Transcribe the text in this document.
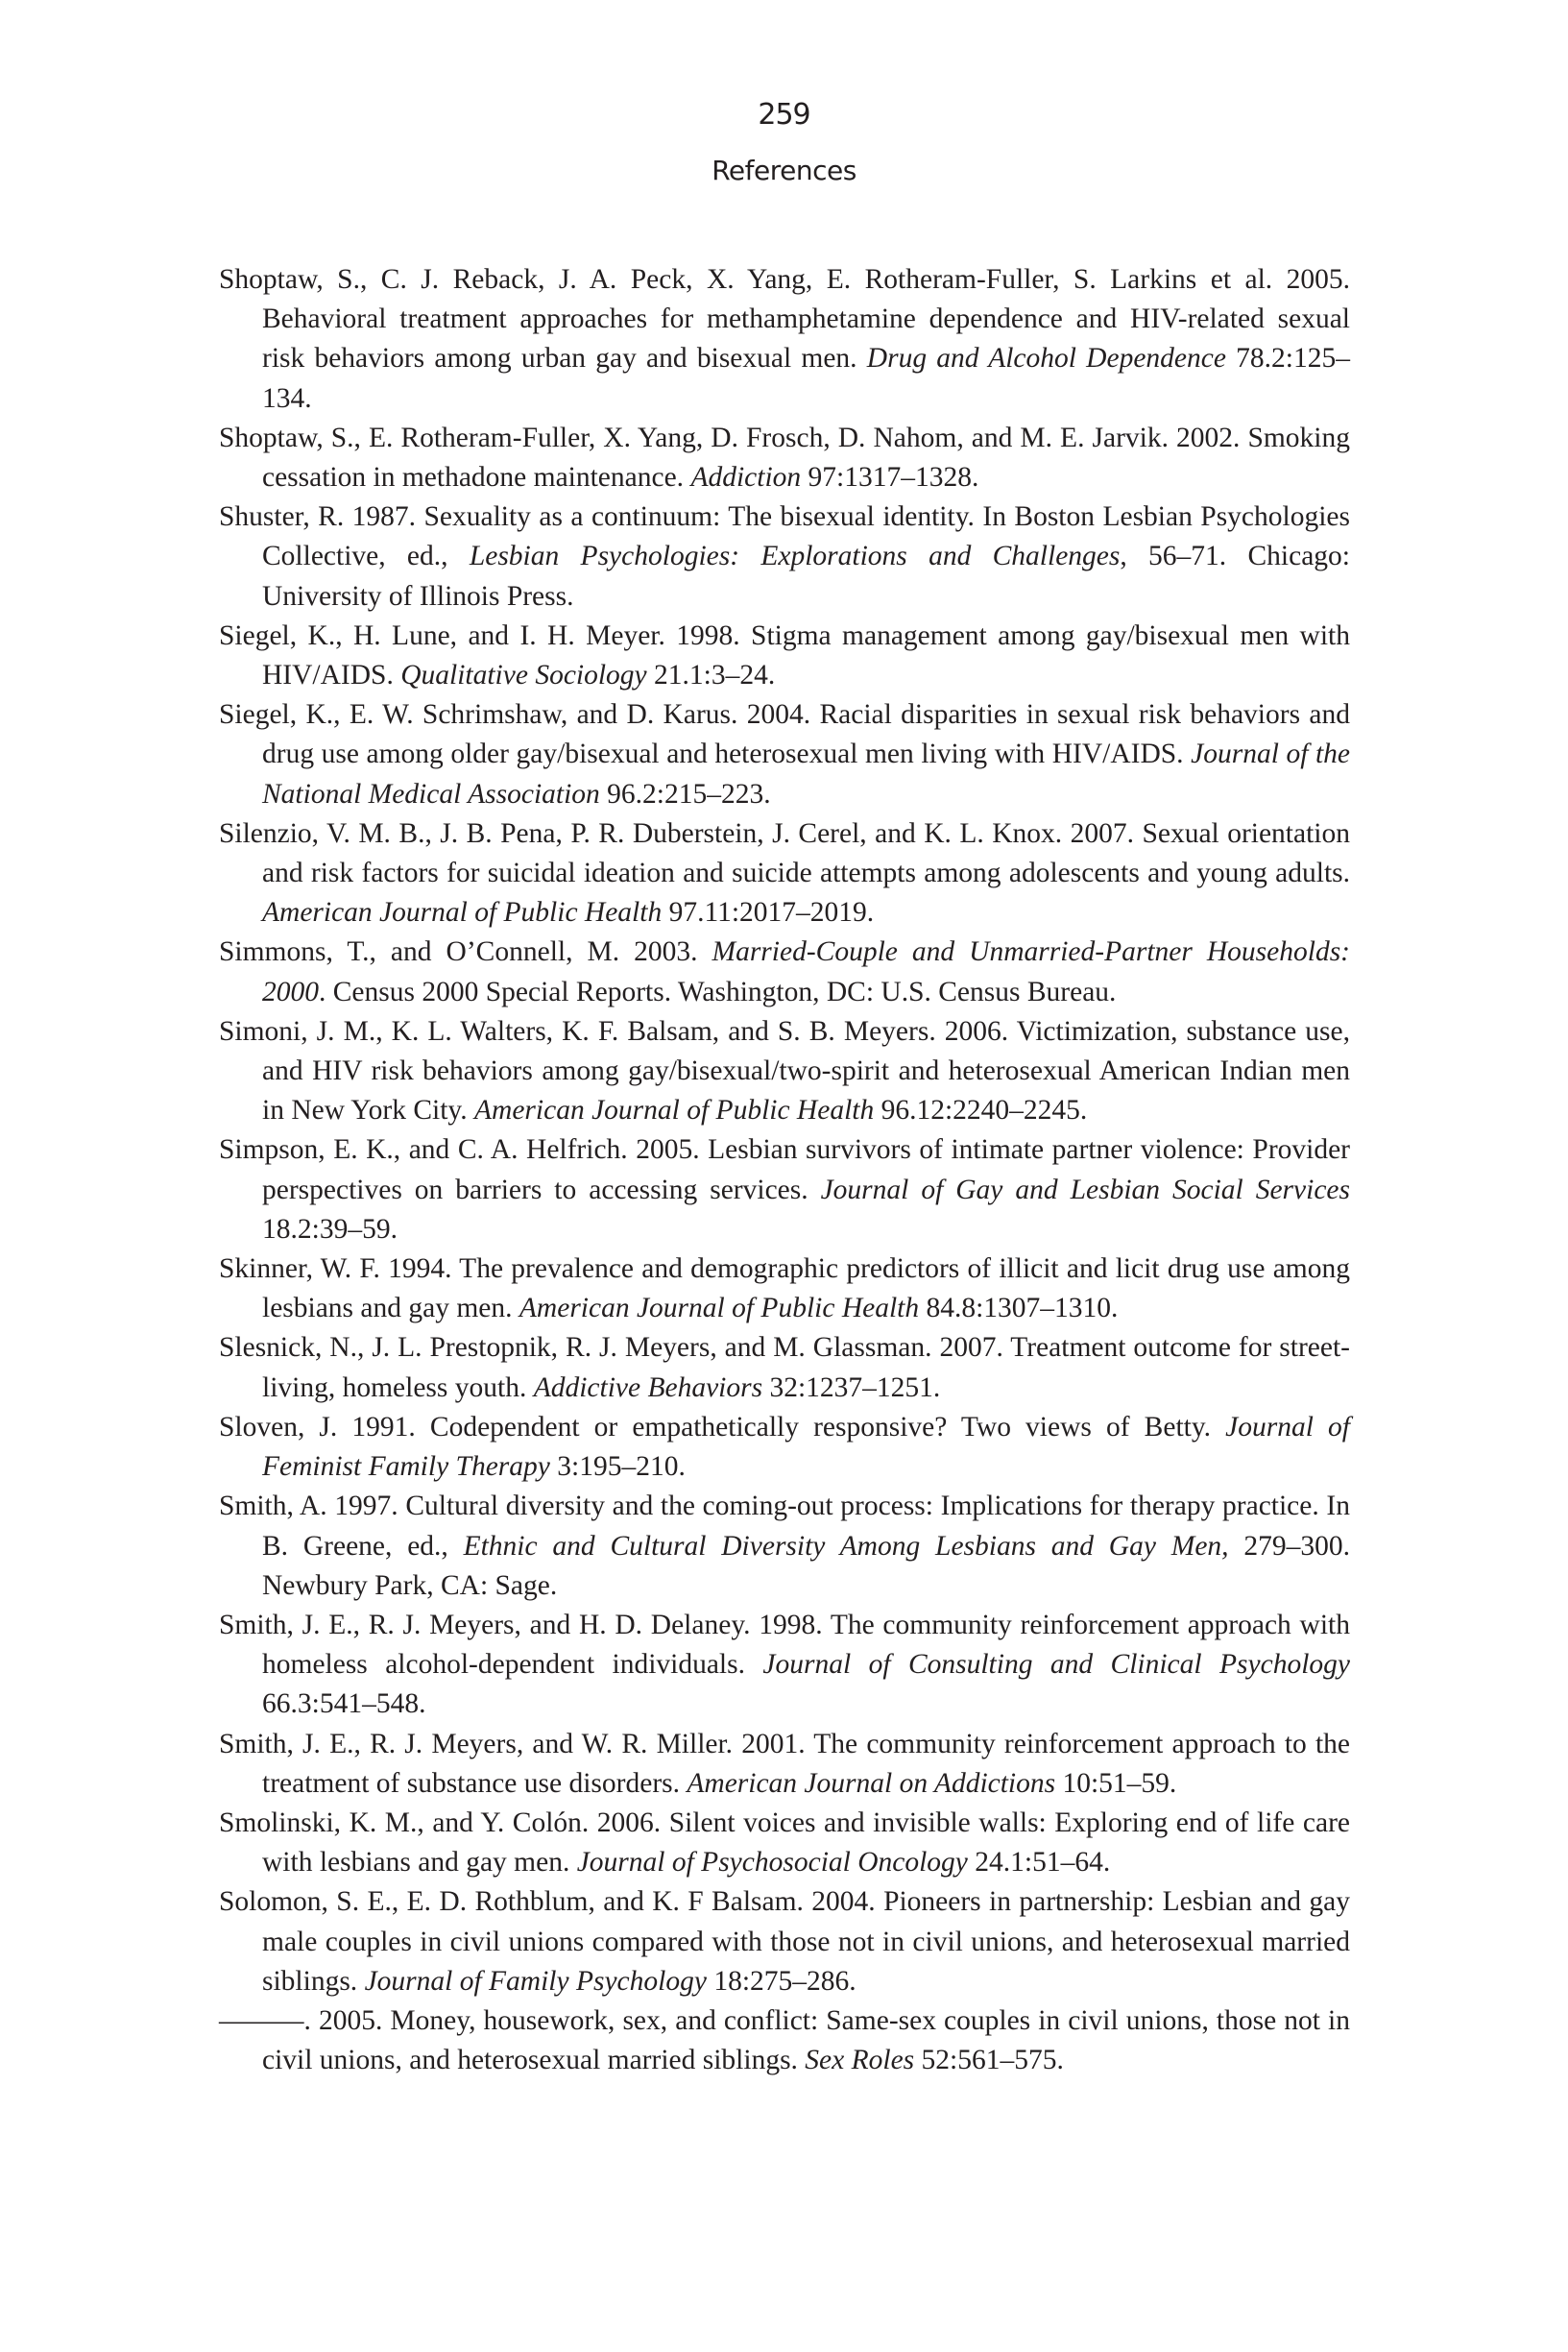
259
References
Shoptaw, S., C. J. Reback, J. A. Peck, X. Yang, E. Rotheram-Fuller, S. Larkins et al. 2005. Behavioral treatment approaches for methamphetamine dependence and HIV-related sexual risk behaviors among urban gay and bisexual men. Drug and Alcohol Dependence 78.2:125–134.
Shoptaw, S., E. Rotheram-Fuller, X. Yang, D. Frosch, D. Nahom, and M. E. Jarvik. 2002. Smoking cessation in methadone maintenance. Addiction 97:1317–1328.
Shuster, R. 1987. Sexuality as a continuum: The bisexual identity. In Boston Lesbian Psychologies Collective, ed., Lesbian Psychologies: Explorations and Challenges, 56–71. Chicago: University of Illinois Press.
Siegel, K., H. Lune, and I. H. Meyer. 1998. Stigma management among gay/bisexual men with HIV/AIDS. Qualitative Sociology 21.1:3–24.
Siegel, K., E. W. Schrimshaw, and D. Karus. 2004. Racial disparities in sexual risk behaviors and drug use among older gay/bisexual and heterosexual men living with HIV/AIDS. Journal of the National Medical Association 96.2:215–223.
Silenzio, V. M. B., J. B. Pena, P. R. Duberstein, J. Cerel, and K. L. Knox. 2007. Sexual orientation and risk factors for suicidal ideation and suicide attempts among adolescents and young adults. American Journal of Public Health 97.11:2017–2019.
Simmons, T., and O’Connell, M. 2003. Married-Couple and Unmarried-Partner Households: 2000. Census 2000 Special Reports. Washington, DC: U.S. Census Bureau.
Simoni, J. M., K. L. Walters, K. F. Balsam, and S. B. Meyers. 2006. Victimization, substance use, and HIV risk behaviors among gay/bisexual/two-spirit and heterosexual American Indian men in New York City. American Journal of Public Health 96.12:2240–2245.
Simpson, E. K., and C. A. Helfrich. 2005. Lesbian survivors of intimate partner violence: Provider perspectives on barriers to accessing services. Journal of Gay and Lesbian Social Services 18.2:39–59.
Skinner, W. F. 1994. The prevalence and demographic predictors of illicit and licit drug use among lesbians and gay men. American Journal of Public Health 84.8:1307–1310.
Slesnick, N., J. L. Prestopnik, R. J. Meyers, and M. Glassman. 2007. Treatment outcome for street-living, homeless youth. Addictive Behaviors 32:1237–1251.
Sloven, J. 1991. Codependent or empathetically responsive? Two views of Betty. Journal of Feminist Family Therapy 3:195–210.
Smith, A. 1997. Cultural diversity and the coming-out process: Implications for therapy practice. In B. Greene, ed., Ethnic and Cultural Diversity Among Lesbians and Gay Men, 279–300. Newbury Park, CA: Sage.
Smith, J. E., R. J. Meyers, and H. D. Delaney. 1998. The community reinforcement approach with homeless alcohol-dependent individuals. Journal of Consulting and Clinical Psychology 66.3:541–548.
Smith, J. E., R. J. Meyers, and W. R. Miller. 2001. The community reinforcement approach to the treatment of substance use disorders. American Journal on Addictions 10:51–59.
Smolinski, K. M., and Y. Colón. 2006. Silent voices and invisible walls: Exploring end of life care with lesbians and gay men. Journal of Psychosocial Oncology 24.1:51–64.
Solomon, S. E., E. D. Rothblum, and K. F Balsam. 2004. Pioneers in partnership: Lesbian and gay male couples in civil unions compared with those not in civil unions, and heterosexual married siblings. Journal of Family Psychology 18:275–286.
———. 2005. Money, housework, sex, and conflict: Same-sex couples in civil unions, those not in civil unions, and heterosexual married siblings. Sex Roles 52:561–575.
